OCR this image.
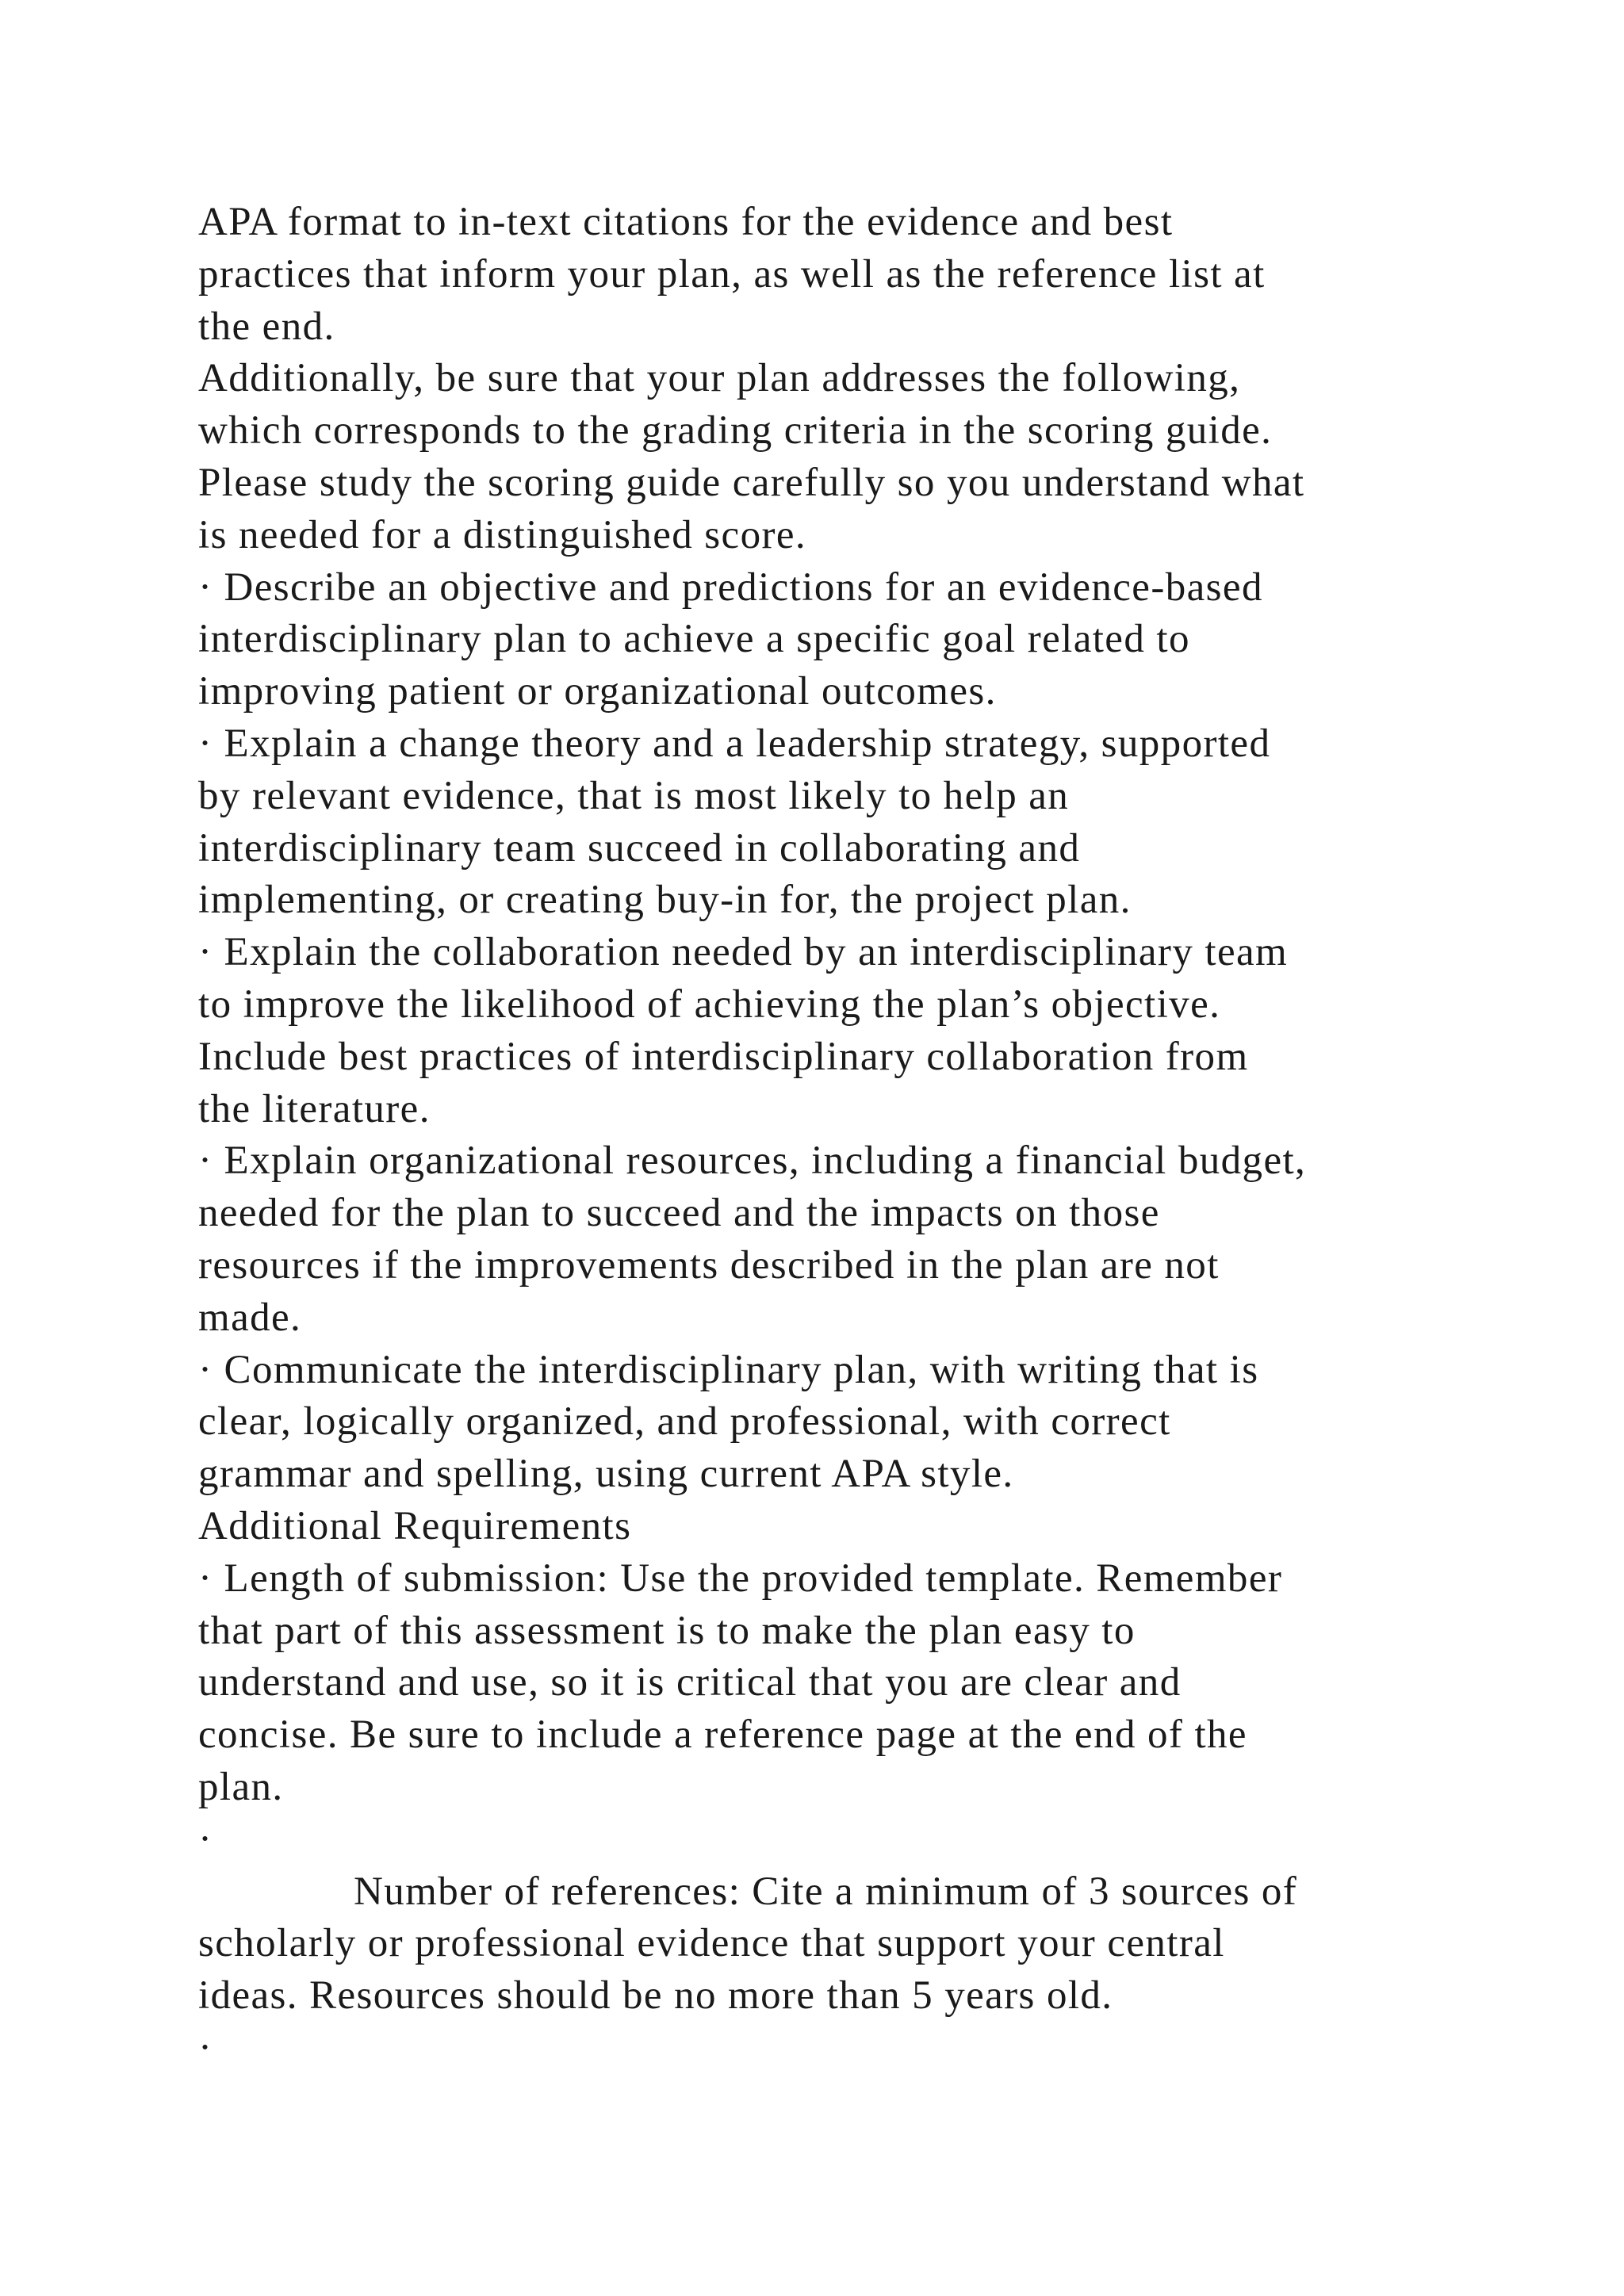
APA format to in-text citations for the evidence and best
practices that inform your plan, as well as the reference list at
the end.
Additionally, be sure that your plan addresses the following,
which corresponds to the grading criteria in the scoring guide.
Please study the scoring guide carefully so you understand what
is needed for a distinguished score.
· Describe an objective and predictions for an evidence-based
interdisciplinary plan to achieve a specific goal related to
improving patient or organizational outcomes.
· Explain a change theory and a leadership strategy, supported
by relevant evidence, that is most likely to help an
interdisciplinary team succeed in collaborating and
implementing, or creating buy-in for, the project plan.
· Explain the collaboration needed by an interdisciplinary team
to improve the likelihood of achieving the plan’s objective.
Include best practices of interdisciplinary collaboration from
the literature.
· Explain organizational resources, including a financial budget,
needed for the plan to succeed and the impacts on those
resources if the improvements described in the plan are not
made.
· Communicate the interdisciplinary plan, with writing that is
clear, logically organized, and professional, with correct
grammar and spelling, using current APA style.
Additional Requirements
· Length of submission: Use the provided template. Remember
that part of this assessment is to make the plan easy to
understand and use, so it is critical that you are clear and
concise. Be sure to include a reference page at the end of the
plan.
·
Number of references: Cite a minimum of 3 sources of
scholarly or professional evidence that support your central
ideas. Resources should be no more than 5 years old.
·
